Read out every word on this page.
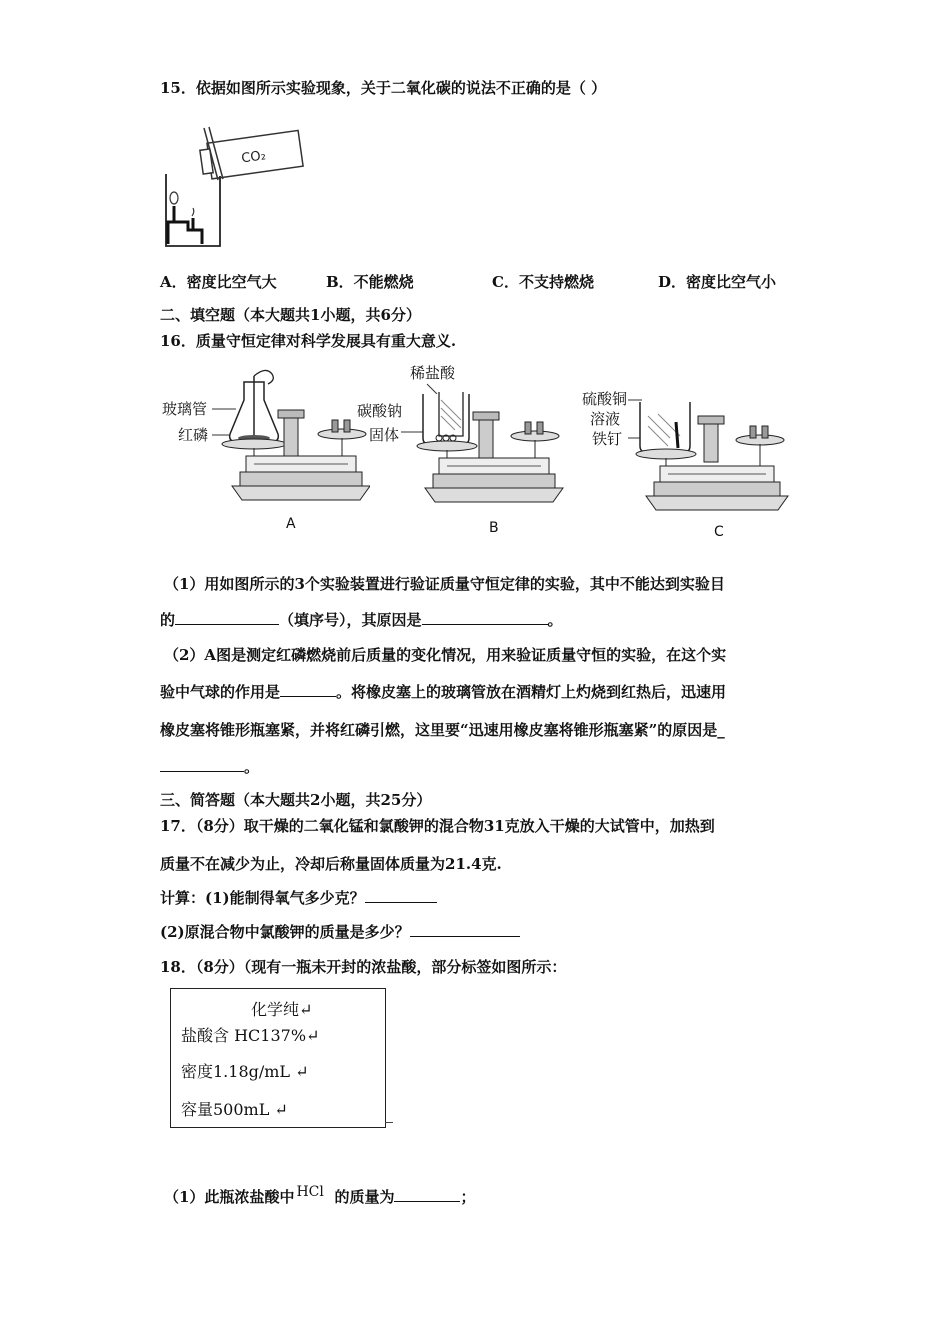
15．依据如图所示实验现象，关于二氧化碳的说法不正确的是（ ）
CO₂
A．密度比空气大	B．不能燃烧	C．不支持燃烧	D．密度比空气小
二、填空题（本大题共1小题，共6分）
16．质量守恒定律对科学发展具有重大意义.
玻璃管
红磷
A
稀盐酸
碳酸钠
固体
B
硫酸铜
溶液
铁钉
C
（1）用如图所示的3个实验装置进行验证质量守恒定律的实验，其中不能达到实验目
的	（填序号），其原因是	。
（2）A图是测定红磷燃烧前后质量的变化情况，用来验证质量守恒的实验，在这个实
验中气球的作用是	。将橡皮塞上的玻璃管放在酒精灯上灼烧到红热后，迅速用
橡皮塞将锥形瓶塞紧，并将红磷引燃，这里要“迅速用橡皮塞将锥形瓶塞紧”的原因是_
。
三、简答题（本大题共2小题，共25分）
17．（8分）取干燥的二氧化锰和氯酸钾的混合物31克放入干燥的大试管中，加热到
质量不在减少为止，冷却后称量固体质量为21.4克.
计算：(1)能制得氧气多少克？
(2)原混合物中氯酸钾的质量是多少？
18．（8分）（现有一瓶未开封的浓盐酸，部分标签如图所示：
化学纯↵
盐酸含 HC137%↵
密度1.18g/mL ↵
容量500mL ↵
（1）此瓶浓盐酸中 HCl 的质量为	；
